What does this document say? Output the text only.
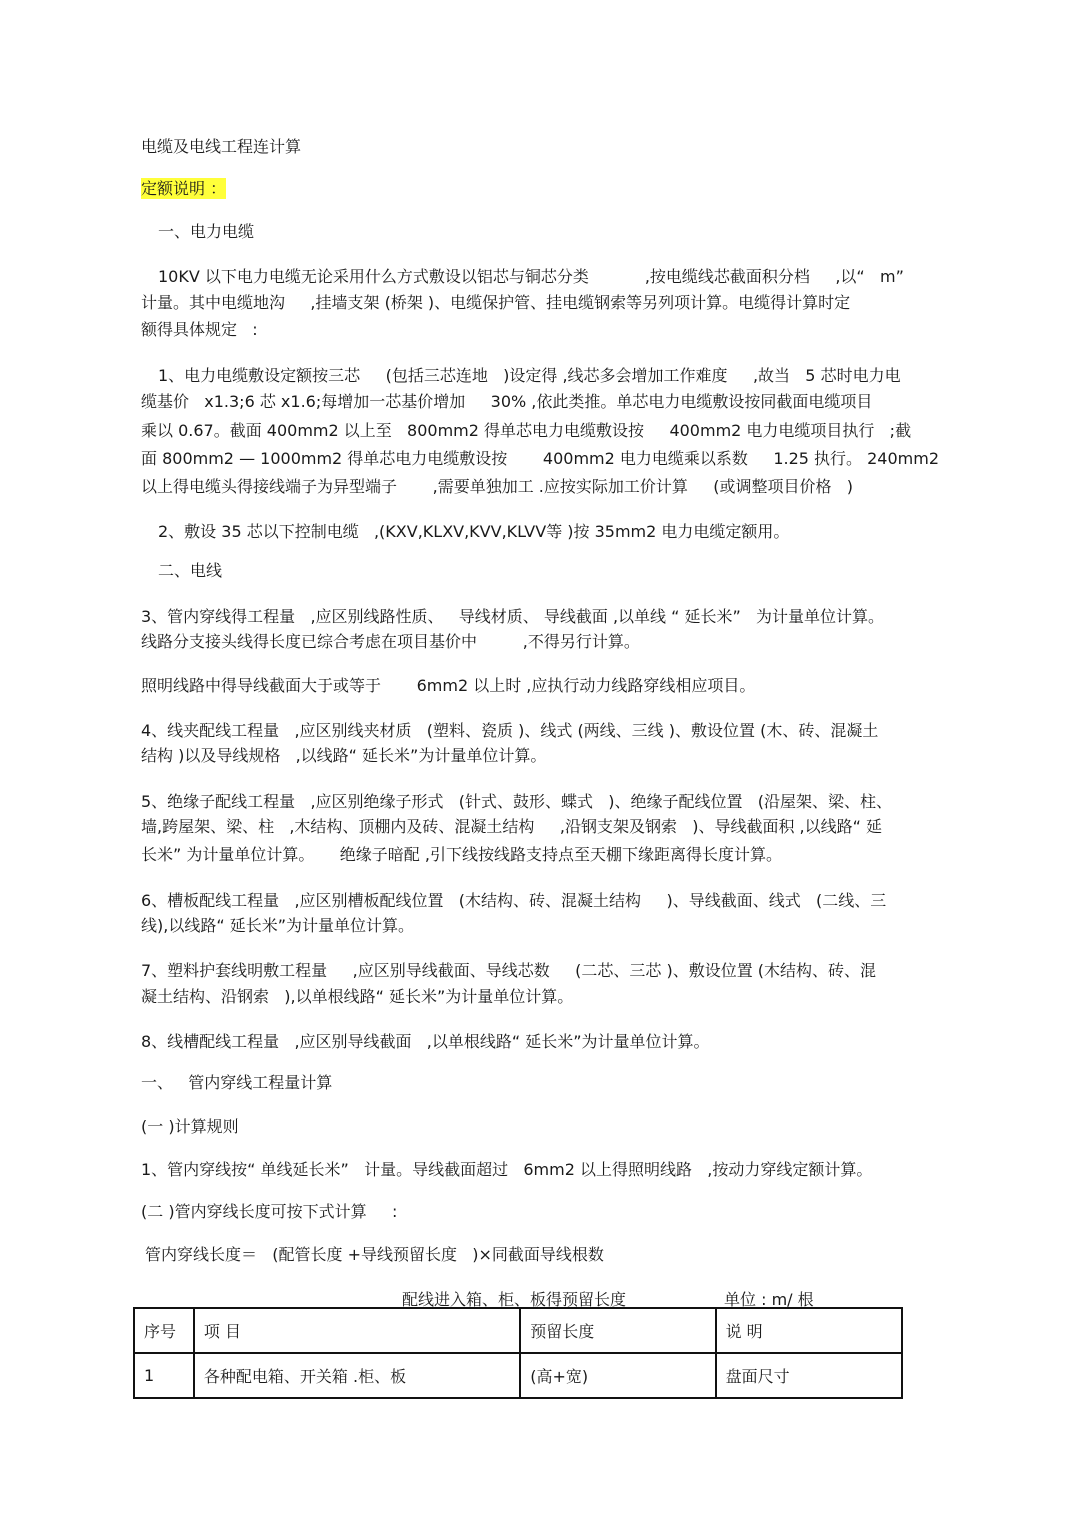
电缆及电线工程连计算
定额说明 ：
一、电力电缆
10KV 以下电力电缆无论采用什么方式敷设以铝芯与铜芯分类           ,按电缆线芯截面积分档     ,以“   m”
计量。其中电缆地沟     ,挂墙支架 (桥架 )、电缆保护管、挂电缆钢索等另列项计算。电缆得计算时定
额得具体规定   :
1、电力电缆敷设定额按三芯     (包括三芯连地   )设定得 ,线芯多会增加工作难度     ,故当   5 芯时电力电
缆基价   x1.3;6 芯 x1.6;每增加一芯基价增加     30% ,依此类推。单芯电力电缆敷设按同截面电缆项目
乘以 0.67。截面 400mm2 以上至   800mm2 得单芯电力电缆敷设按     400mm2 电力电缆项目执行   ;截
面 800mm2 — 1000mm2 得单芯电力电缆敷设按       400mm2 电力电缆乘以系数     1.25 执行。 240mm2
以上得电缆头得接线端子为异型端子       ,需要单独加工 .应按实际加工价计算     (或调整项目价格   )
2、敷设 35 芯以下控制电缆   ,(KXV,KLXV,KVV,KLVV等 )按 35mm2 电力电缆定额用。
二、电线
3、管内穿线得工程量   ,应区别线路性质、   导线材质、 导线截面 ,以单线 “ 延长米”   为计量单位计算。
线路分支接头线得长度已综合考虑在项目基价中         ,不得另行计算。
照明线路中得导线截面大于或等于       6mm2 以上时 ,应执行动力线路穿线相应项目。
4、线夹配线工程量   ,应区别线夹材质   (塑料、瓷质 )、线式 (两线、三线 )、敷设位置 (木、砖、混凝土
结构 )以及导线规格   ,以线路“ 延长米”为计量单位计算。
5、绝缘子配线工程量   ,应区别绝缘子形式   (针式、鼓形、蝶式   )、绝缘子配线位置   (沿屋架、梁、柱、
墙,跨屋架、梁、柱   ,木结构、顶棚内及砖、混凝土结构     ,沿钢支架及钢索   )、导线截面积 ,以线路“ 延
长米” 为计量单位计算。     绝缘子暗配 ,引下线按线路支持点至天棚下缘距离得长度计算。
6、槽板配线工程量   ,应区别槽板配线位置   (木结构、砖、混凝土结构     )、导线截面、线式   (二线、三
线),以线路“ 延长米”为计量单位计算。
7、塑料护套线明敷工程量     ,应区别导线截面、导线芯数     (二芯、三芯 )、敷设位置 (木结构、砖、混
凝土结构、沿钢索   ),以单根线路“ 延长米”为计量单位计算。
8、线槽配线工程量   ,应区别导线截面   ,以单根线路“ 延长米”为计量单位计算。
一、   管内穿线工程量计算
(一 )计算规则
1、管内穿线按“ 单线延长米”   计量。导线截面超过   6mm2 以上得照明线路   ,按动力穿线定额计算。
(二 )管内穿线长度可按下式计算     :
管内穿线长度＝   (配管长度 +导线预留长度   )×同截面导线根数
配线进入箱、柜、板得预留长度	单位 : m/ 根
序号	项 目	预留长度	说 明
1	各种配电箱、开关箱 .柜、板	(高+宽)	盘面尺寸
